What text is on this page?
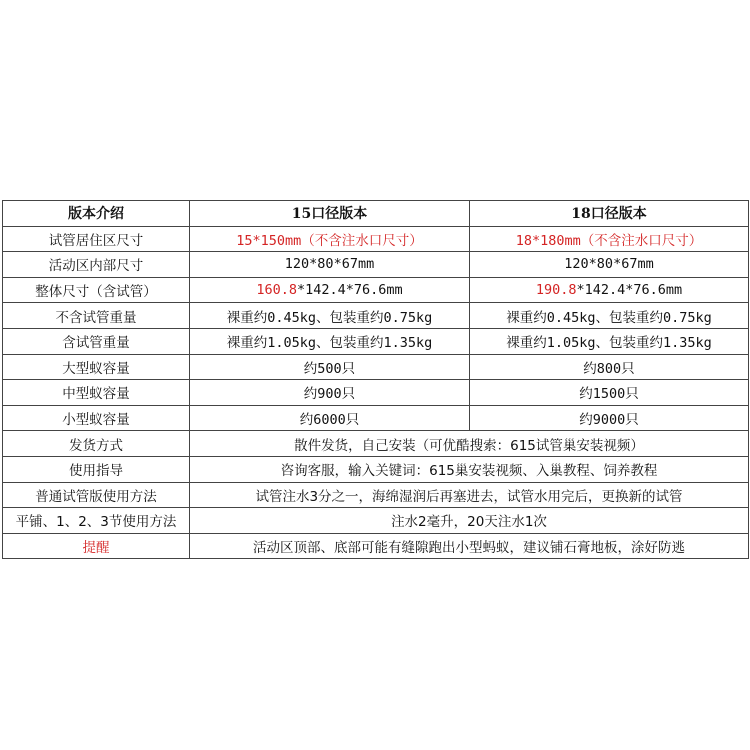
版本介绍	15口径版本	18口径版本
试管居住区尺寸	15*150mm（不含注水口尺寸）	18*180mm（不含注水口尺寸）
活动区内部尺寸	120*80*67mm	120*80*67mm
整体尺寸（含试管）	160.8*142.4*76.6mm	190.8*142.4*76.6mm
不含试管重量	裸重约0.45kg、包装重约0.75kg	裸重约0.45kg、包装重约0.75kg
含试管重量	裸重约1.05kg、包装重约1.35kg	裸重约1.05kg、包装重约1.35kg
大型蚁容量	约500只	约800只
中型蚁容量	约900只	约1500只
小型蚁容量	约6000只	约9000只
发货方式	散件发货，自己安装（可优酷搜索：615试管巢安装视频）	
使用指导	咨询客服，输入关键词：615巢安装视频、入巢教程、饲养教程	
普通试管版使用方法	试管注水3分之一，海绵湿润后再塞进去，试管水用完后，更换新的试管	
平铺、1、2、3节使用方法	注水2毫升，20天注水1次	
提醒	活动区顶部、底部可能有缝隙跑出小型蚂蚁，建议铺石膏地板，涂好防逃	
